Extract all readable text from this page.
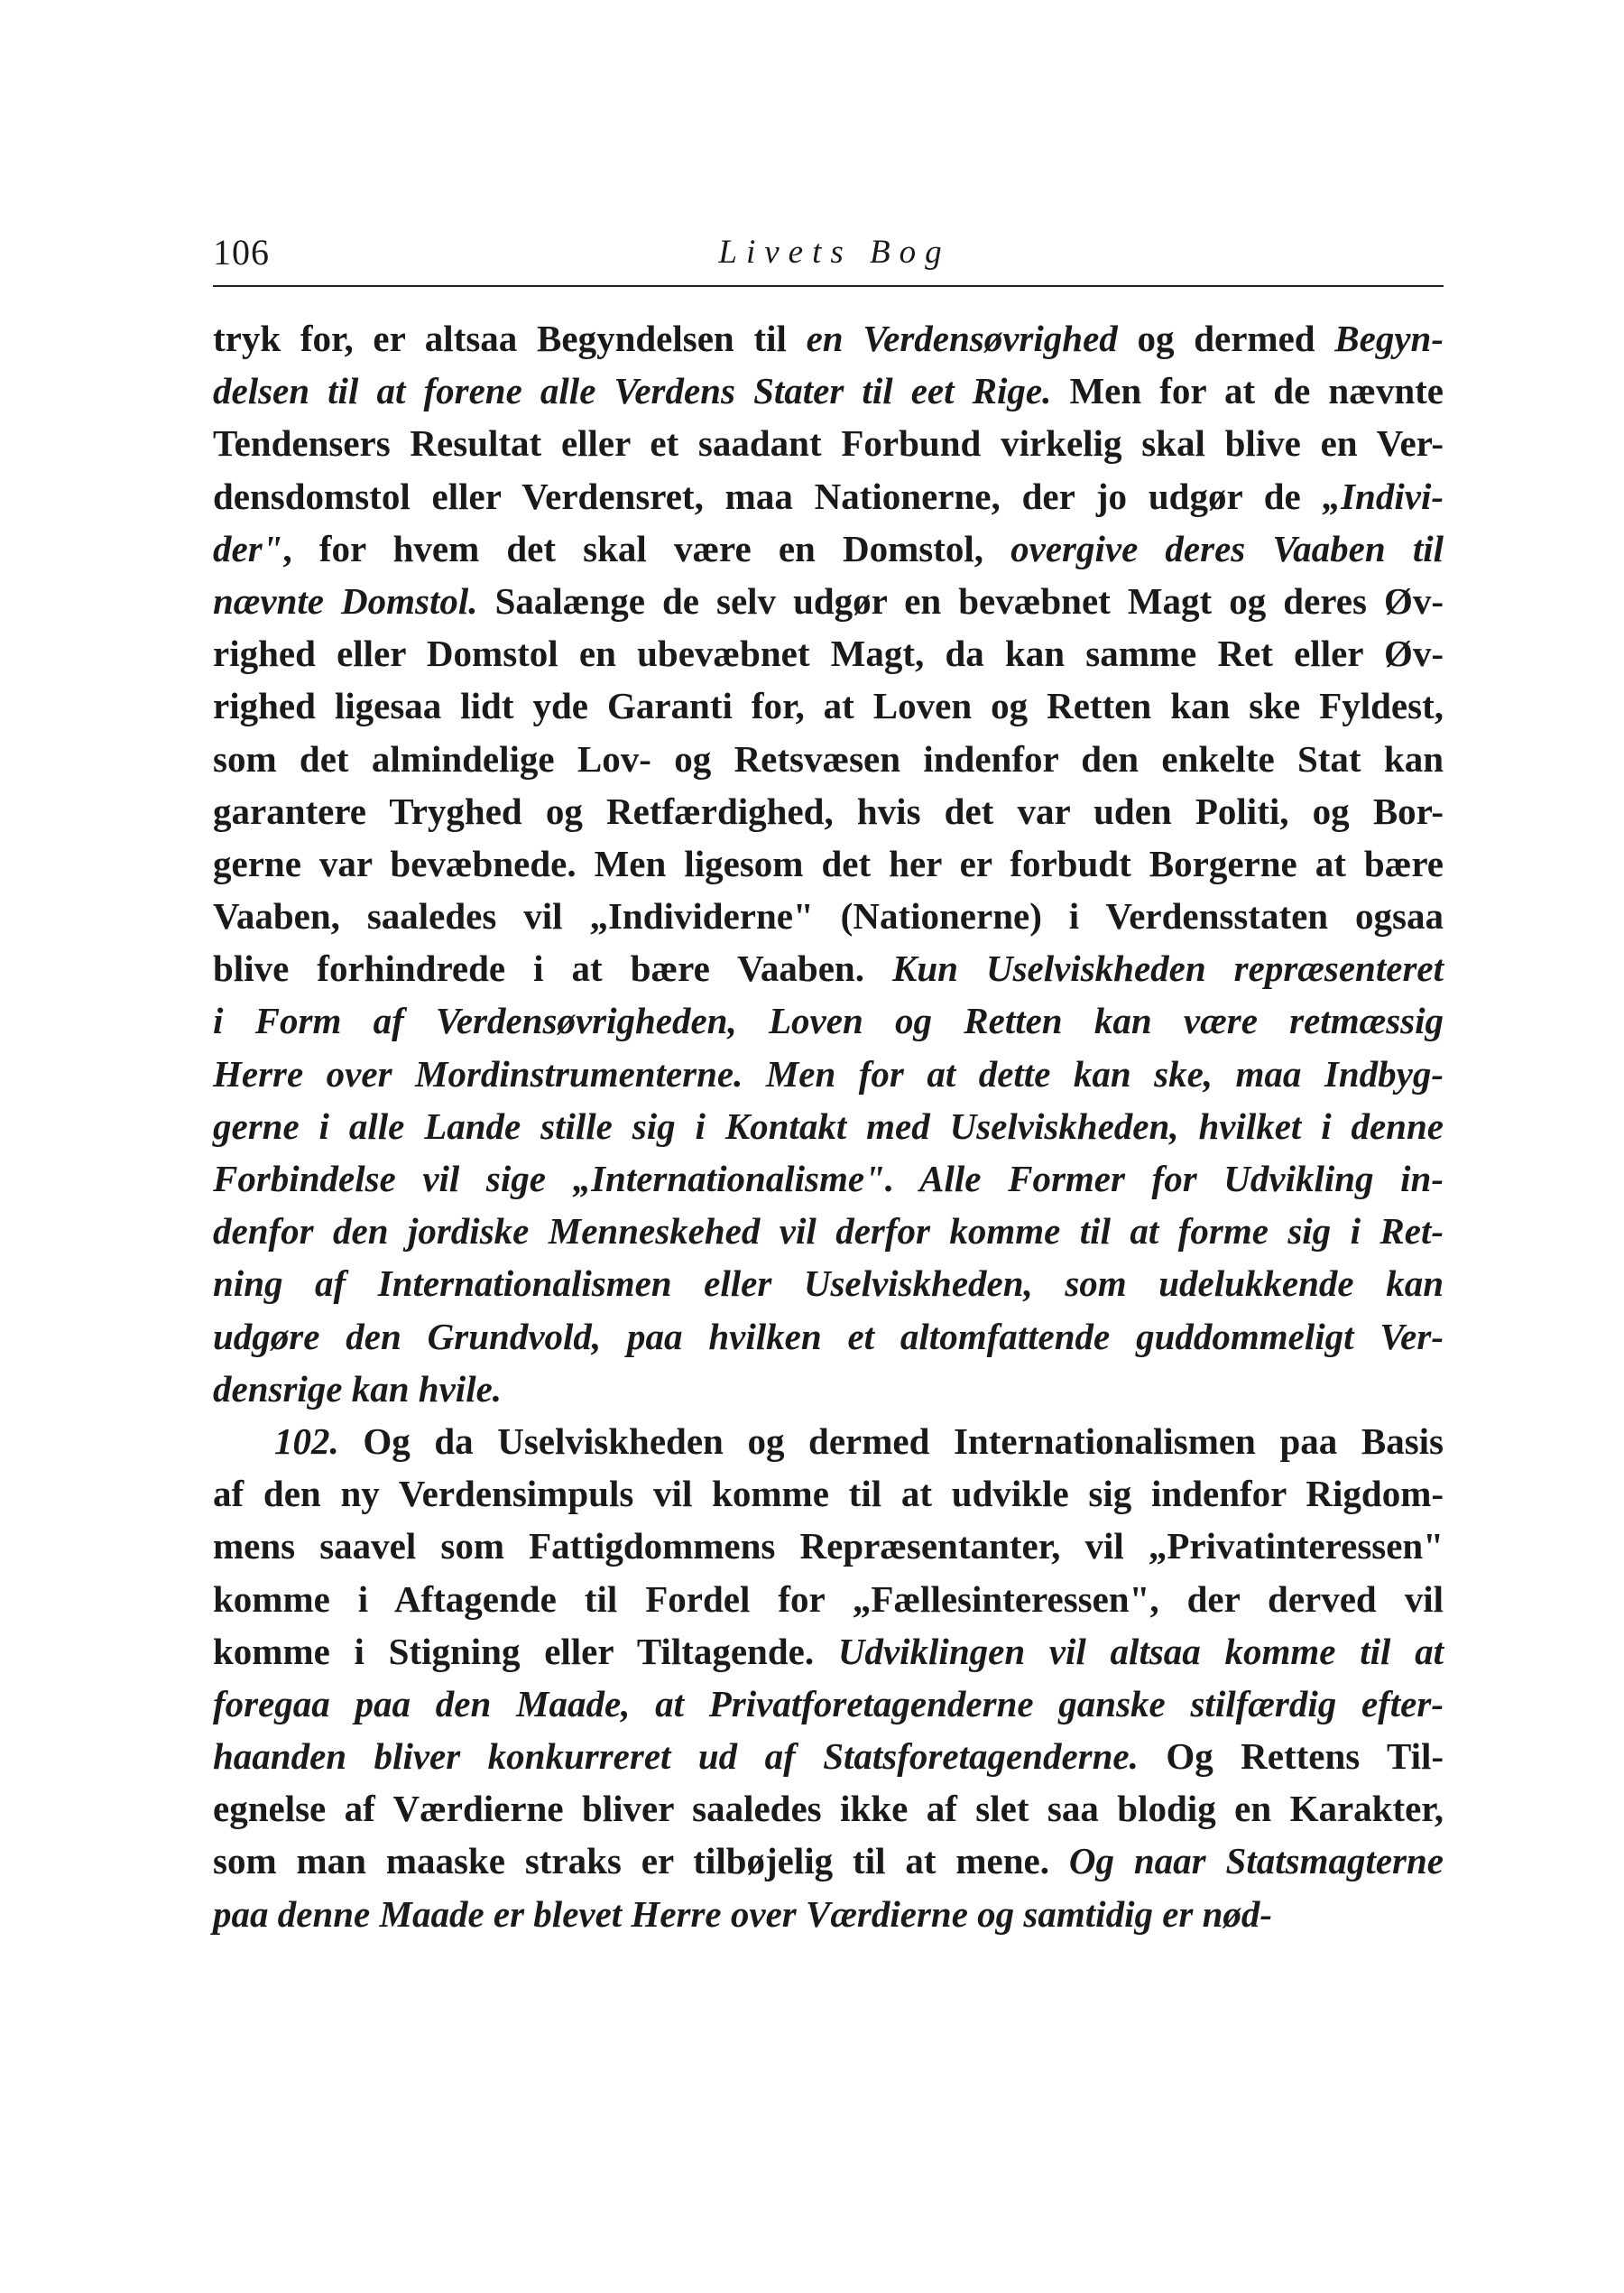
106	Livets Bog
tryk for, er altsaa Begyndelsen til en Verdensøvrighed og dermed Begyn-
delsen til at forene alle Verdens Stater til eet Rige. Men for at de nævnte
Tendensers Resultat eller et saadant Forbund virkelig skal blive en Ver-
densdomstol eller Verdensret, maa Nationerne, der jo udgør de „Indivi-
der", for hvem det skal være en Domstol, overgive deres Vaaben til
nævnte Domstol. Saalænge de selv udgør en bevæbnet Magt og deres Øv-
righed eller Domstol en ubevæbnet Magt, da kan samme Ret eller Øv-
righed ligesaa lidt yde Garanti for, at Loven og Retten kan ske Fyldest,
som det almindelige Lov- og Retsvæsen indenfor den enkelte Stat kan
garantere Tryghed og Retfærdighed, hvis det var uden Politi, og Bor-
gerne var bevæbnede. Men ligesom det her er forbudt Borgerne at bære
Vaaben, saaledes vil „Individerne" (Nationerne) i Verdensstaten ogsaa
blive forhindrede i at bære Vaaben. Kun Uselviskheden repræsenteret
i Form af Verdensøvrigheden, Loven og Retten kan være retmæssig
Herre over Mordinstrumenterne. Men for at dette kan ske, maa Indbyg-
gerne i alle Lande stille sig i Kontakt med Uselviskheden, hvilket i denne
Forbindelse vil sige „Internationalisme". Alle Former for Udvikling in-
denfor den jordiske Menneskehed vil derfor komme til at forme sig i Ret-
ning af Internationalismen eller Uselviskheden, som udelukkende kan
udgøre den Grundvold, paa hvilken et altomfattende guddommeligt Ver-
densrige kan hvile.
102. Og da Uselviskheden og dermed Internationalismen paa Basis
af den ny Verdensimpuls vil komme til at udvikle sig indenfor Rigdom-
mens saavel som Fattigdommens Repræsentanter, vil „Privatinteressen"
komme i Aftagende til Fordel for „Fællesinteressen", der derved vil
komme i Stigning eller Tiltagende. Udviklingen vil altsaa komme til at
foregaa paa den Maade, at Privatforetagenderne ganske stilfærdig efter-
haanden bliver konkurreret ud af Statsforetagenderne. Og Rettens Til-
egnelse af Værdierne bliver saaledes ikke af slet saa blodig en Karakter,
som man maaske straks er tilbøjelig til at mene. Og naar Statsmagterne
paa denne Maade er blevet Herre over Værdierne og samtidig er nød-
